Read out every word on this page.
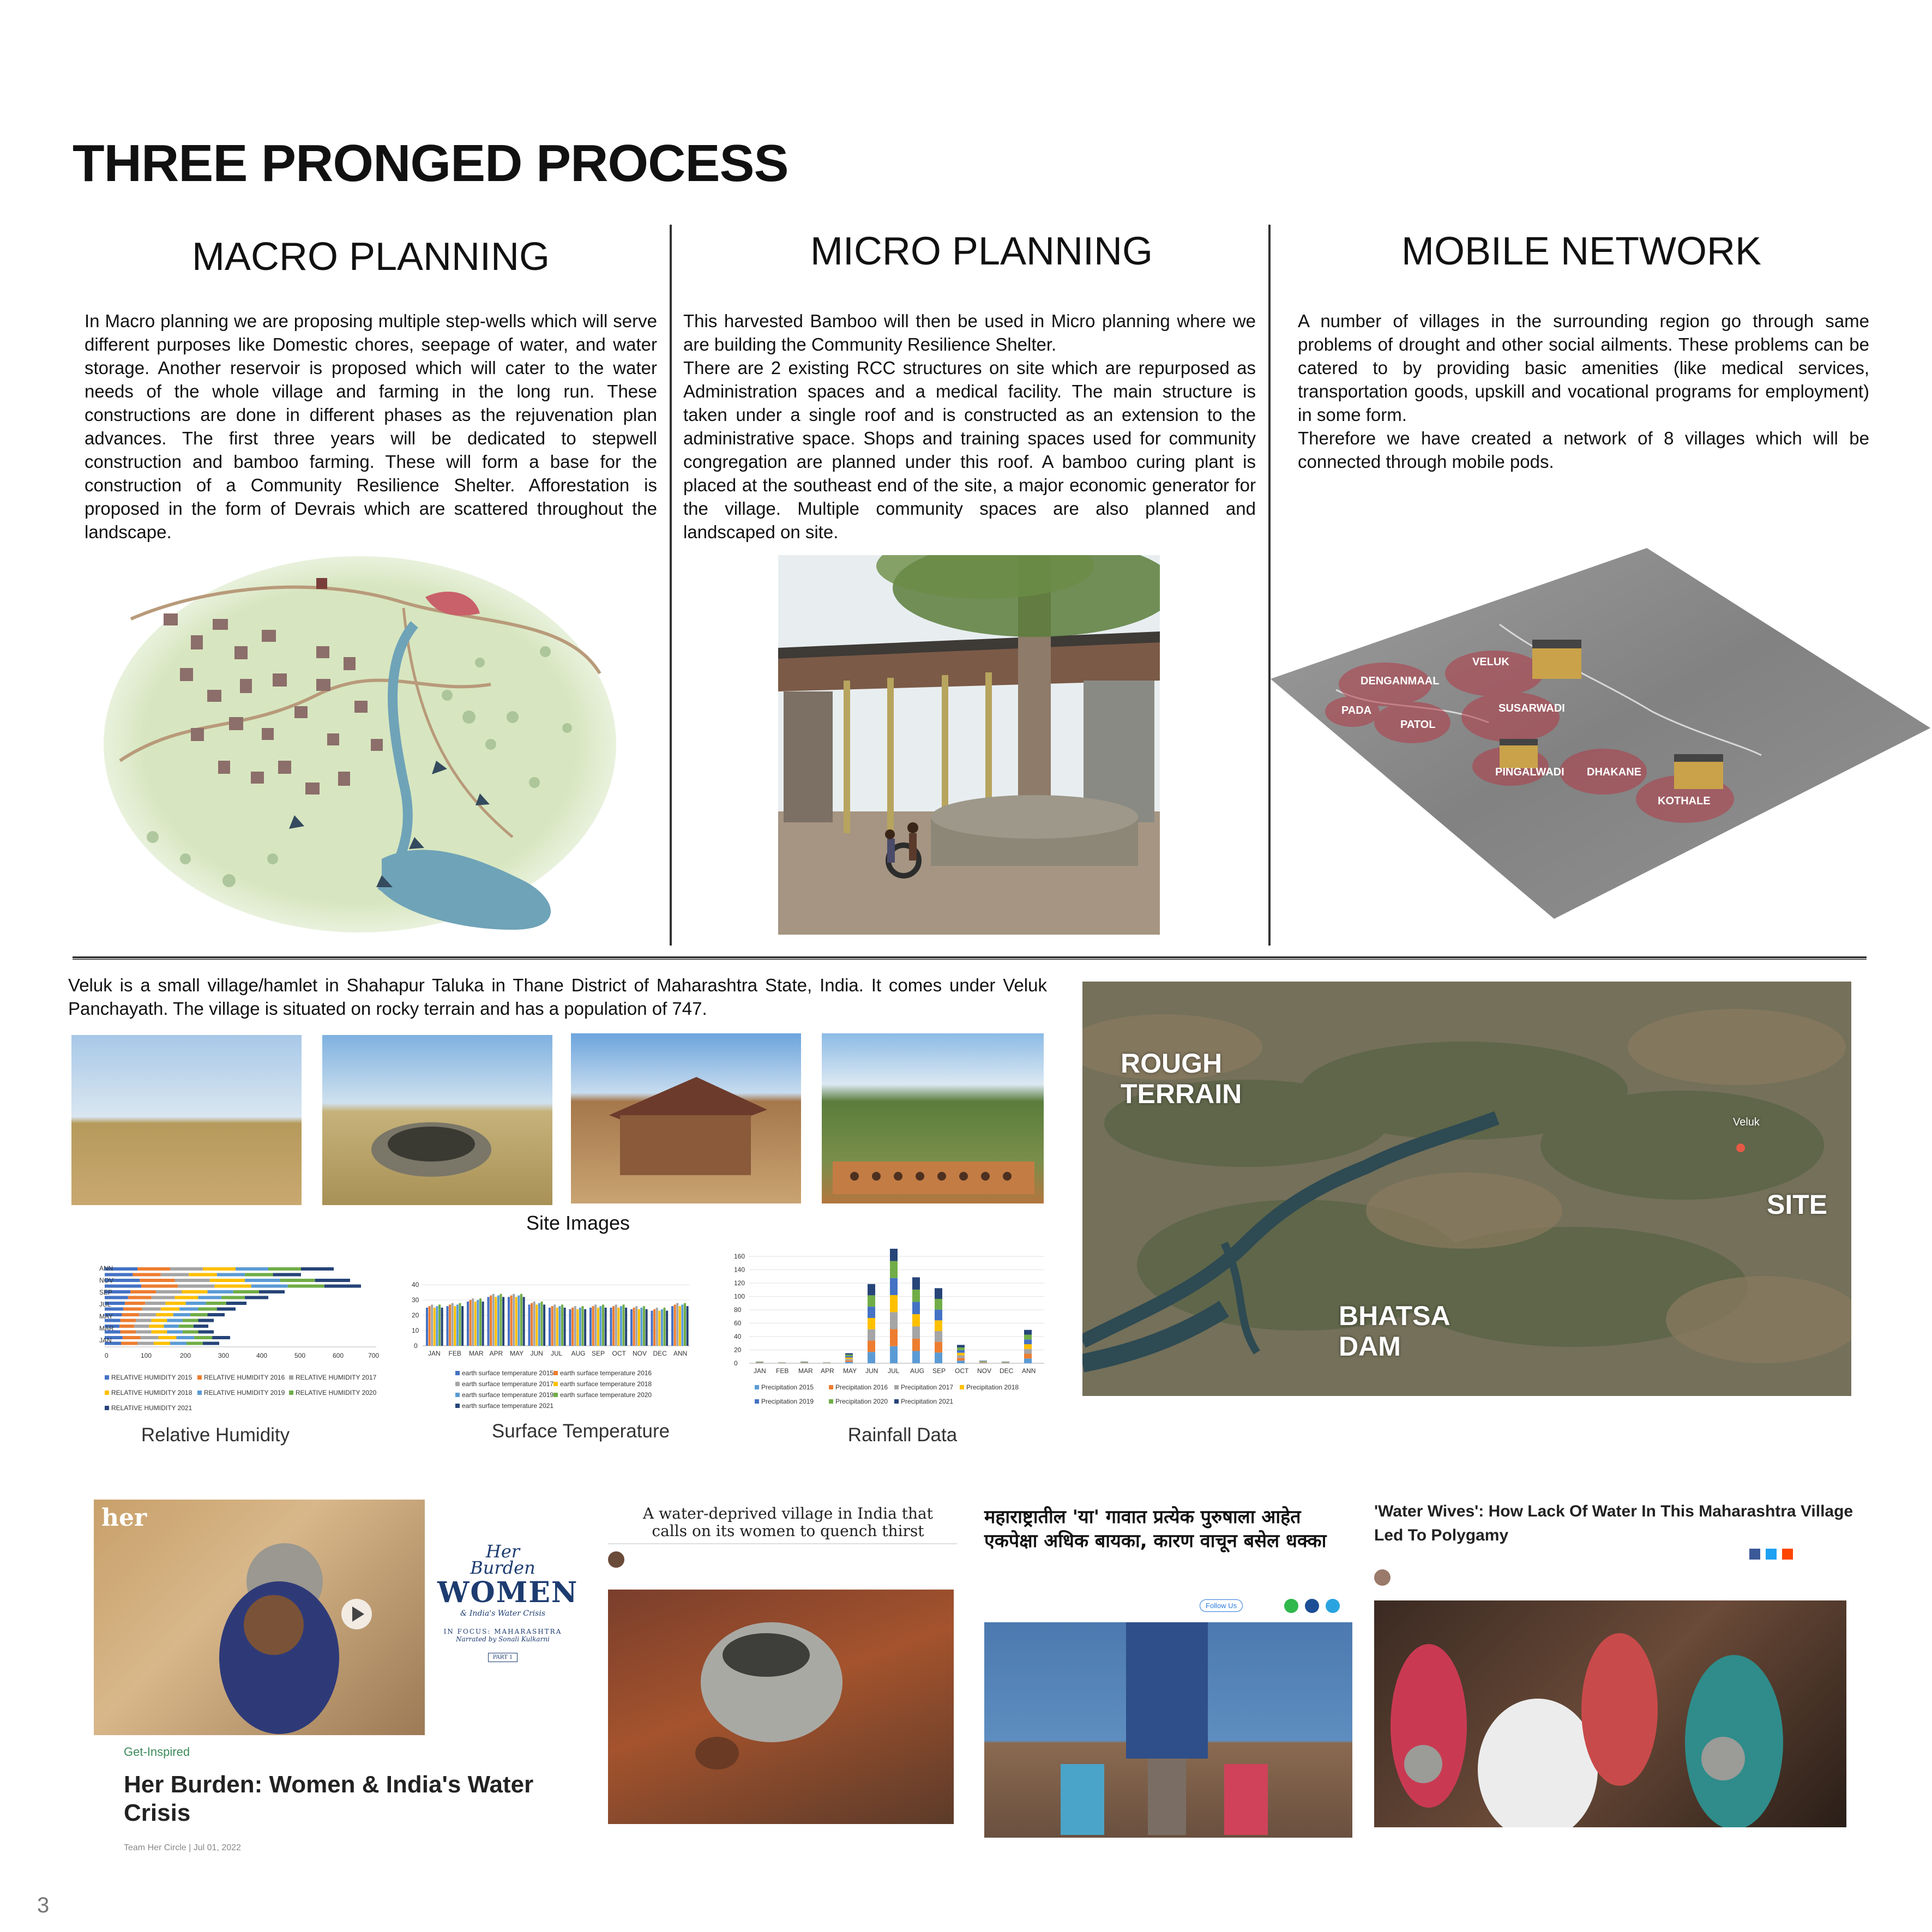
THREE PRONGED PROCESS
MACRO PLANNING	MICRO PLANNING	MOBILE NETWORK

In Macro planning we are proposing multiple step-wells which will serve different purposes like Domestic chores, seepage of water, and water storage. Another reservoir is proposed which will cater to the water needs of the whole village and farming in the long run. These constructions are done in different phases as the rejuvenation plan advances. The first three years will be dedicated to stepwell construction and bamboo farming. These will form a base for the construction of a Community Resilience Shelter. Afforestation is proposed in the form of Devrais which are scattered throughout the landscape.

This harvested Bamboo will then be used in Micro planning where we are building the Community Resilience Shelter.

There are 2 existing RCC structures on site which are repurposed as Administration spaces and a medical facility. The main structure is taken under a single roof and is constructed as an extension to the administrative space. Shops and training spaces used for community congregation are planned under this roof. A bamboo curing plant is placed at the southeast end of the site, a major economic generator for the village. Multiple community spaces are also planned and landscaped on site.

A number of villages in the surrounding region go through same problems of drought and other social ailments. These problems can be catered to by providing basic amenities (like medical services, transportation goods, upskill and vocational programs for employment) in some form.

Therefore we have created a network of 8 villages which will be connected through mobile pods.

VELUK
DENGANMAAL
PADA
PATOL
SUSARWADI
PINGALWADI DHAKANE
KOTHALE

Veluk is a small village/hamlet in Shahapur Taluka in Thane District of Maharashtra State, India. It comes under Veluk Panchayath. The village is situated on rocky terrain and has a population of 747.

Site Images
ROUGH
TERRAIN
Veluk
SITE
BHATSA
DAM
ANN
NOV
SEP
JUL
MAY
MAR
JAN
0	100	200	300	400	500	600	700
RELATIVE HUMIDITY 2015 RELATIVE HUMIDITY 2016 RELATIVE HUMIDITY 2017
RELATIVE HUMIDITY 2018 RELATIVE HUMIDITY 2019 RELATIVE HUMIDITY 2020
RELATIVE HUMIDITY 2021
Relative Humidity
0
10
20
30
40
JAN FEB MAR APR MAY JUN JUL AUG SEP OCT NOV DEC ANN
earth surface temperature 2015 earth surface temperature 2016
earth surface temperature 2017 earth surface temperature 2018
earth surface temperature 2019 earth surface temperature 2020
earth surface temperature 2021
Surface Temperature
0
20
40
60
80
100
120
140
160
JAN FEB MAR APR MAY JUN JUL AUG SEP OCT NOV DEC ANN
Precipitation 2015	Precipitation 2016 Precipitation 2017 Precipitation 2018
Precipitation 2019	Precipitation 2020 Precipitation 2021
Rainfall Data
her
Her
Burden
WOMEN
& India's Water Crisis
IN FOCUS: MAHARASHTRA
Narrated by Sonali Kulkarni
PART 1
Get-Inspired
Her Burden: Women & India's Water Crisis
Team Her Circle | Jul 01, 2022
A water-deprived village in India that calls on its women to quench thirst
महाराष्ट्रातील 'या' गावात प्रत्येक पुरुषाला आहेत एकपेक्षा अधिक बायका, कारण वाचून बसेल धक्का
Follow Us
'Water Wives': How Lack Of Water In This Maharashtra Village Led To Polygamy
3
